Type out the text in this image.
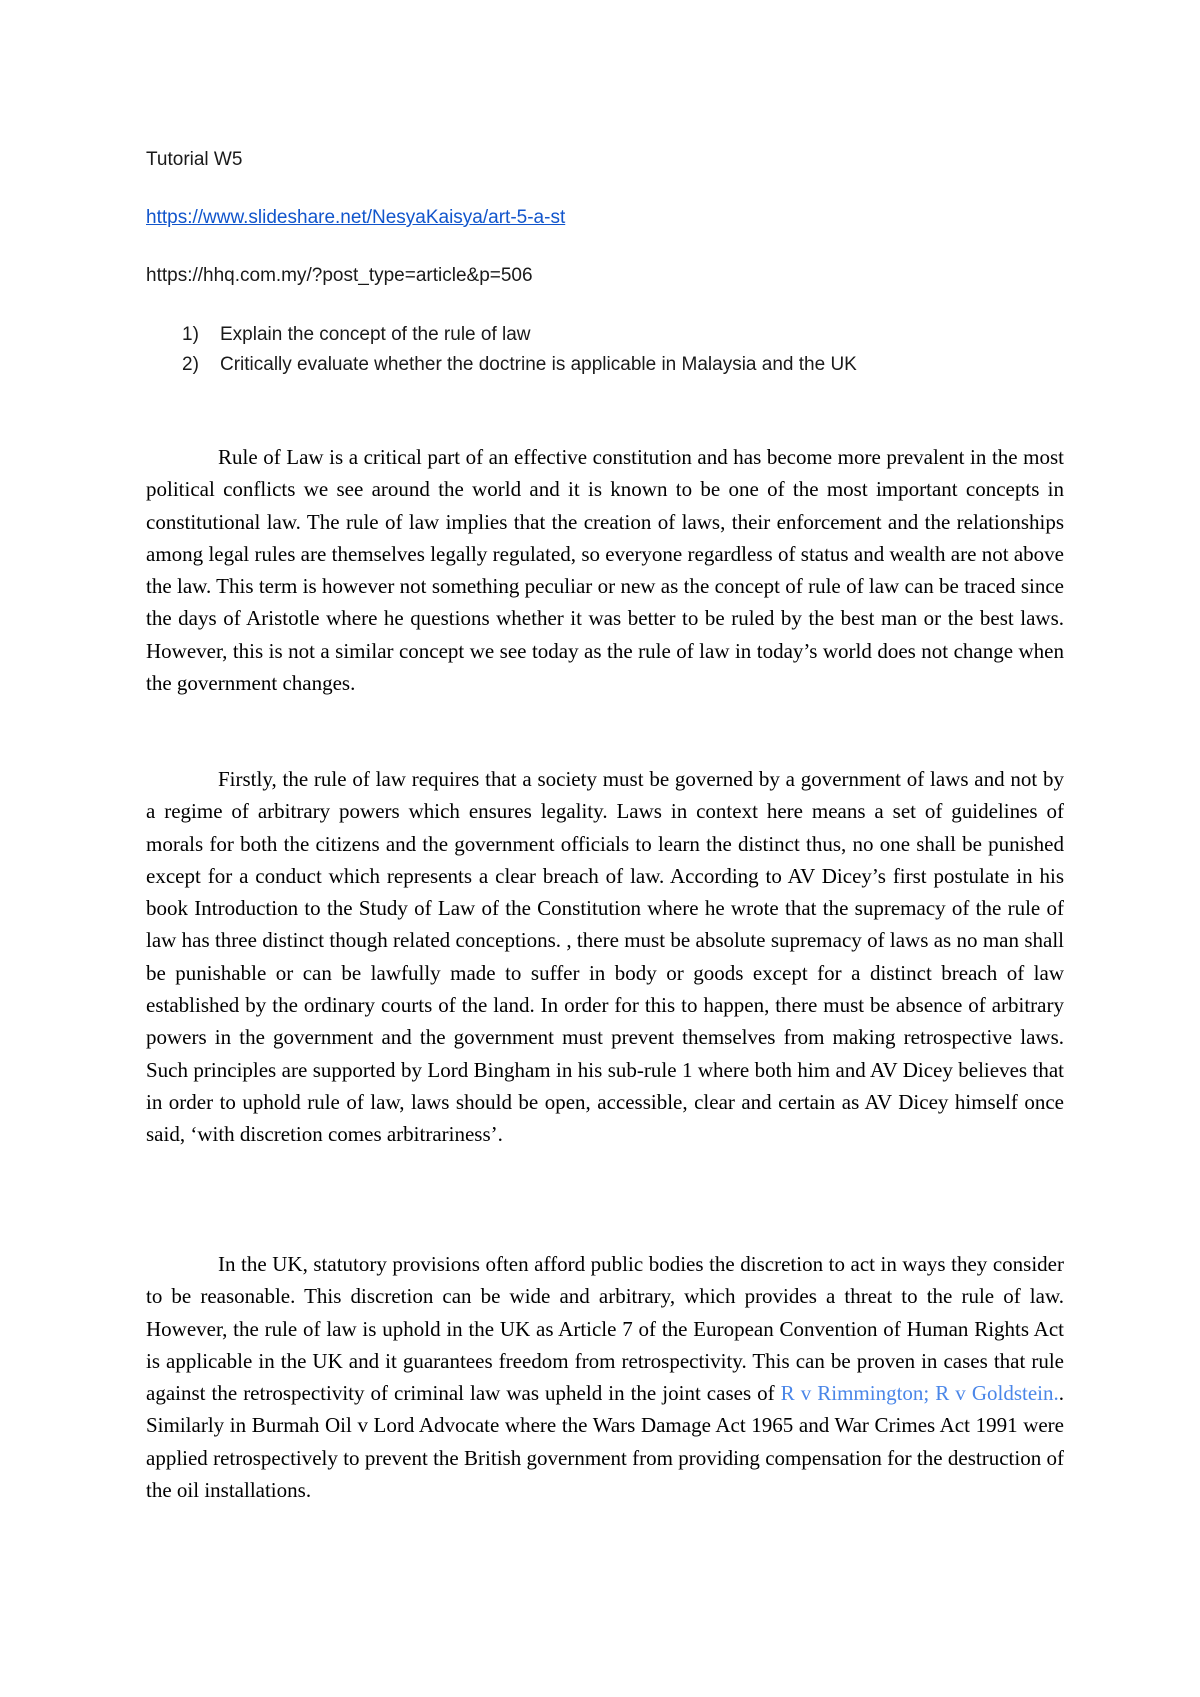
Tutorial W5

https://www.slideshare.net/NesyaKaisya/art-5-a-st

https://hhq.com.my/?post_type=article&p=506

1)	Explain the concept of the rule of law
2)	Critically evaluate whether the doctrine is applicable in Malaysia and the UK

Rule of Law is a critical part of an effective constitution and has become more prevalent in the most political conflicts we see around the world and it is known to be one of the most important concepts in constitutional law. The rule of law implies that the creation of laws, their enforcement and the relationships among legal rules are themselves legally regulated, so everyone regardless of status and wealth are not above the law. This term is however not something peculiar or new as the concept of rule of law can be traced since the days of Aristotle where he questions whether it was better to be ruled by the best man or the best laws. However, this is not a similar concept we see today as the rule of law in today’s world does not change when the government changes.

Firstly, the rule of law requires that a society must be governed by a government of laws and not by a regime of arbitrary powers which ensures legality. Laws in context here means a set of guidelines of morals for both the citizens and the government officials to learn the distinct thus, no one shall be punished except for a conduct which represents a clear breach of law. According to AV Dicey’s first postulate in his book Introduction to the Study of Law of the Constitution where he wrote that the supremacy of the rule of law has three distinct though related conceptions. , there must be absolute supremacy of laws as no man shall be punishable or can be lawfully made to suffer in body or goods except for a distinct breach of law established by the ordinary courts of the land. In order for this to happen, there must be absence of arbitrary powers in the government and the government must prevent themselves from making retrospective laws. Such principles are supported by Lord Bingham in his sub-rule 1 where both him and AV Dicey believes that in order to uphold rule of law, laws should be open, accessible, clear and certain as AV Dicey himself once said, ‘with discretion comes arbitrariness’.

In the UK, statutory provisions often afford public bodies the discretion to act in ways they consider to be reasonable. This discretion can be wide and arbitrary, which provides a threat to the rule of law. However, the rule of law is uphold in the UK as Article 7 of the European Convention of Human Rights Act is applicable in the UK and it guarantees freedom from retrospectivity. This can be proven in cases that rule against the retrospectivity of criminal law was upheld in the joint cases of R v Rimmington; R v Goldstein.. Similarly in Burmah Oil v Lord Advocate where the Wars Damage Act 1965 and War Crimes Act 1991 were applied retrospectively to prevent the British government from providing compensation for the destruction of the oil installations.
